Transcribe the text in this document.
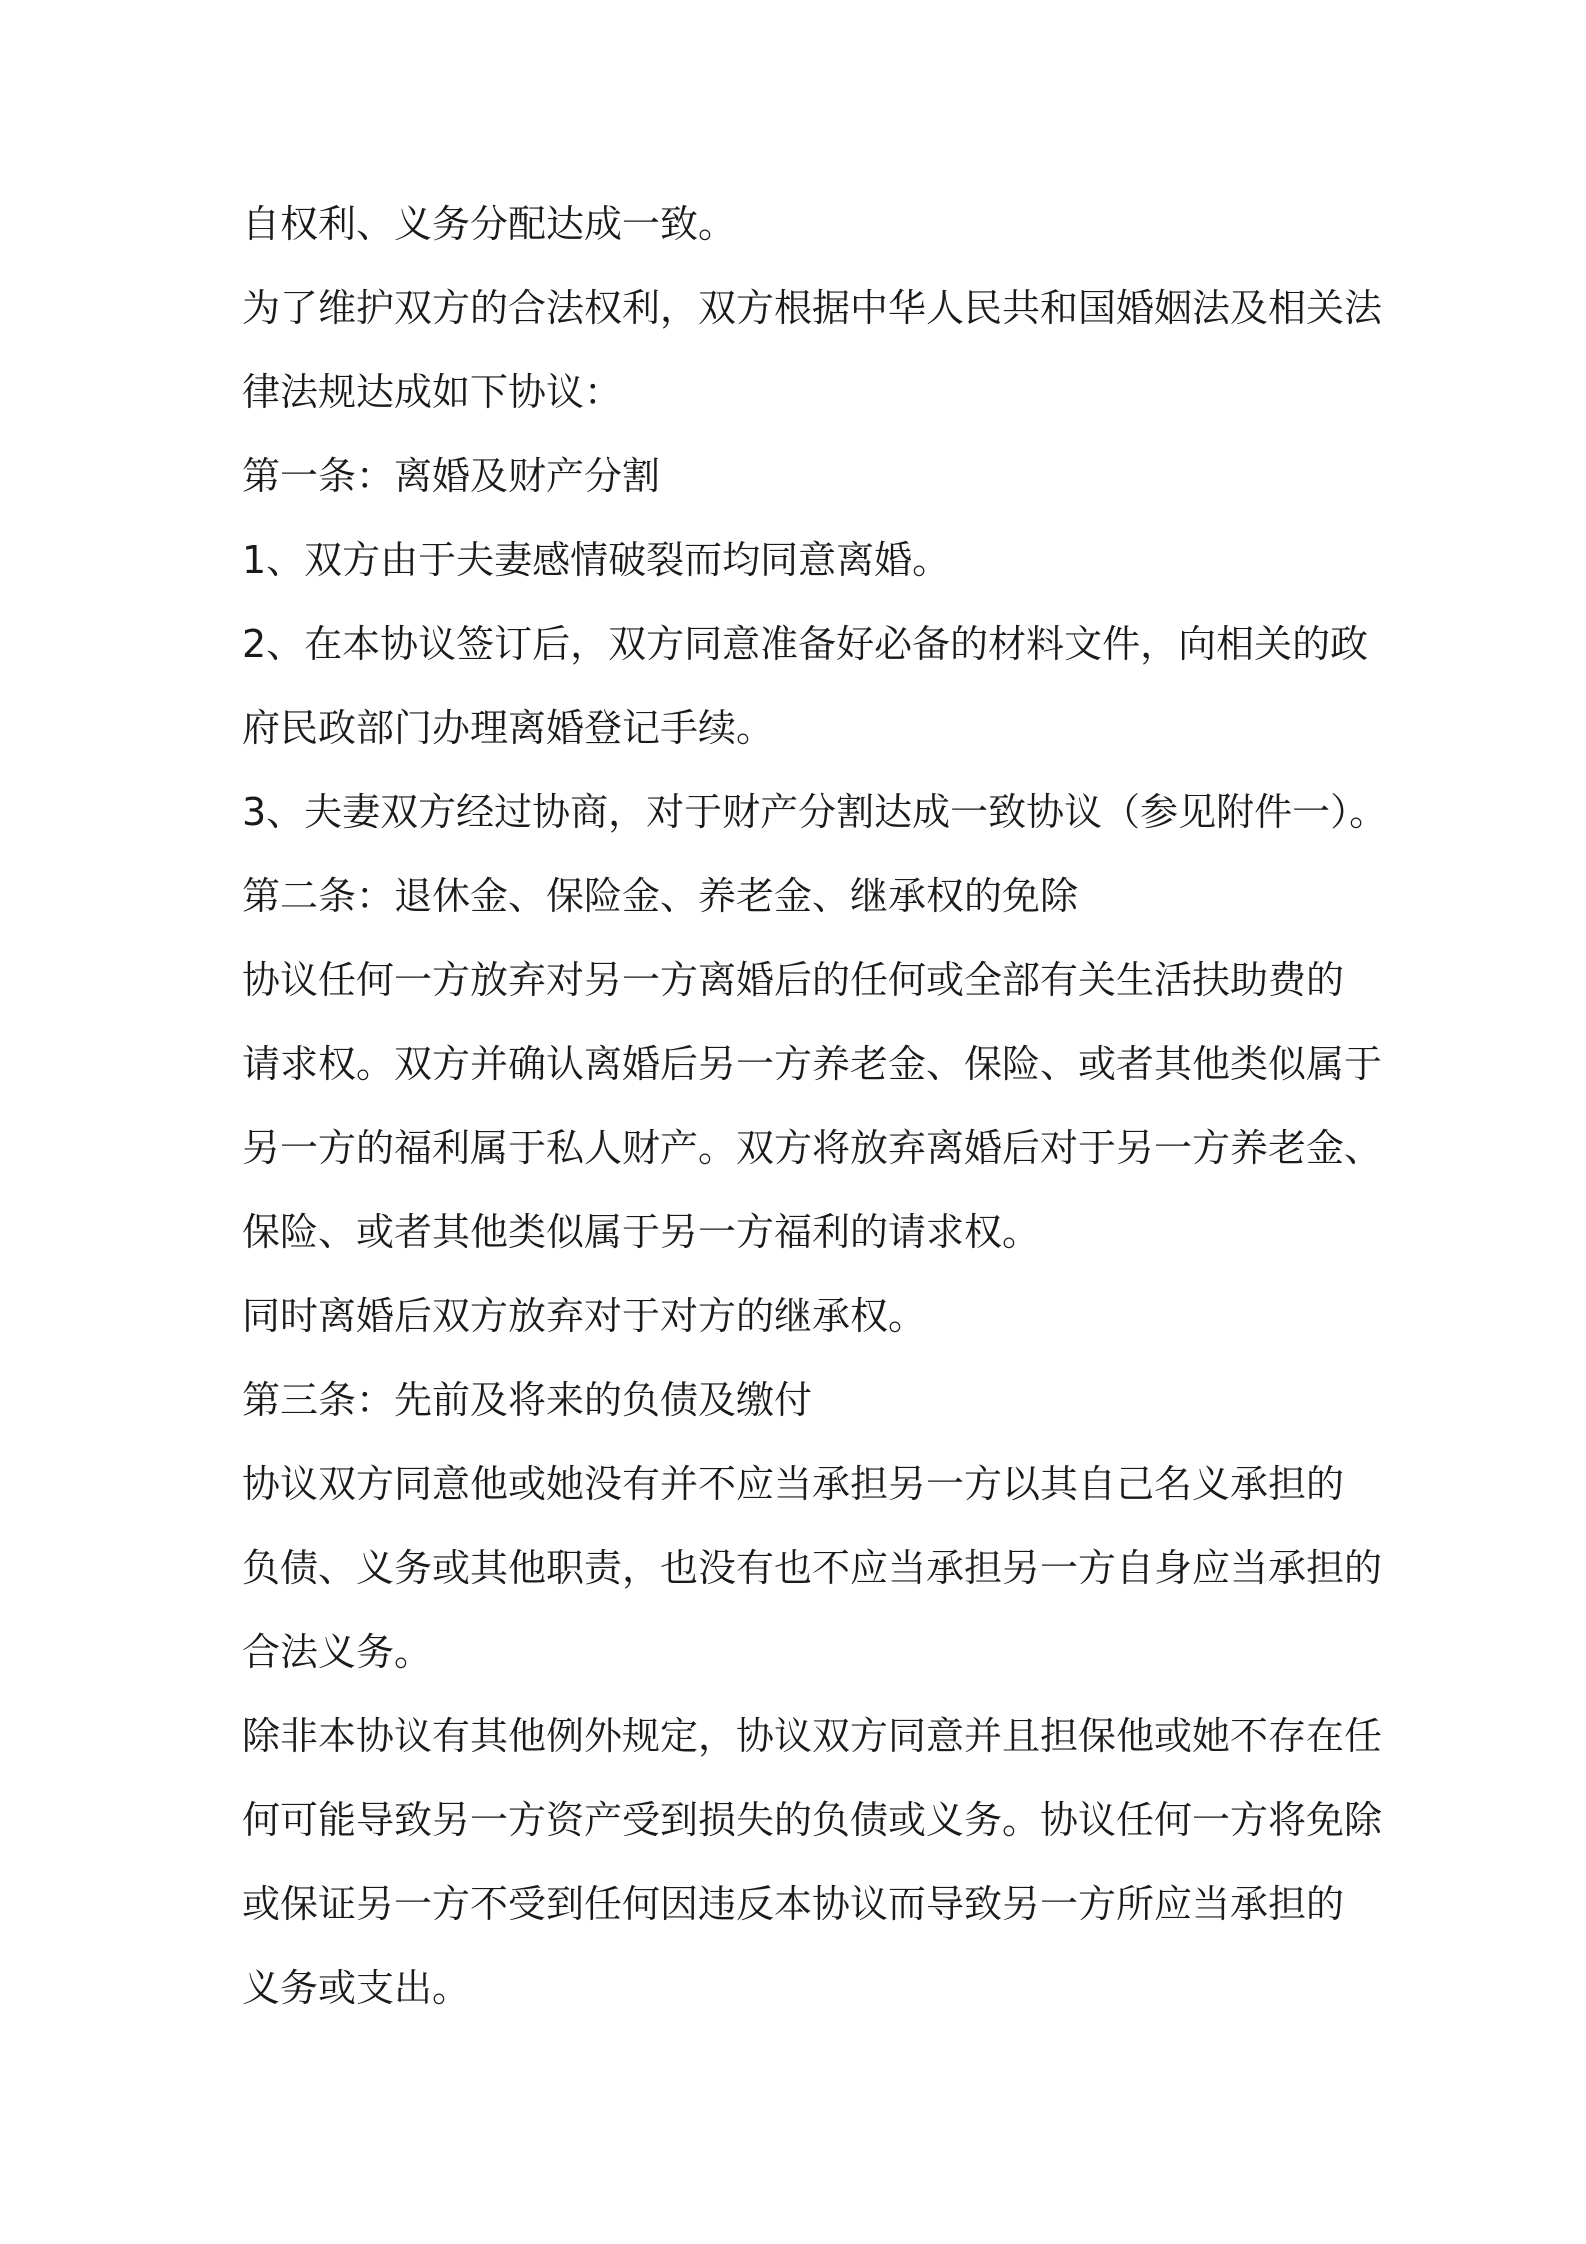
自权利、义务分配达成一致。
为了维护双方的合法权利，双方根据中华人民共和国婚姻法及相关法
律法规达成如下协议：
第一条：离婚及财产分割
1、双方由于夫妻感情破裂而均同意离婚。
2、在本协议签订后，双方同意准备好必备的材料文件，向相关的政
府民政部门办理离婚登记手续。
3、夫妻双方经过协商，对于财产分割达成一致协议（参见附件一）。
第二条：退休金、保险金、养老金、继承权的免除
协议任何一方放弃对另一方离婚后的任何或全部有关生活扶助费的
请求权。双方并确认离婚后另一方养老金、保险、或者其他类似属于
另一方的福利属于私人财产。双方将放弃离婚后对于另一方养老金、
保险、或者其他类似属于另一方福利的请求权。
同时离婚后双方放弃对于对方的继承权。
第三条：先前及将来的负债及缴付
协议双方同意他或她没有并不应当承担另一方以其自己名义承担的
负债、义务或其他职责，也没有也不应当承担另一方自身应当承担的
合法义务。
除非本协议有其他例外规定，协议双方同意并且担保他或她不存在任
何可能导致另一方资产受到损失的负债或义务。协议任何一方将免除
或保证另一方不受到任何因违反本协议而导致另一方所应当承担的
义务或支出。
